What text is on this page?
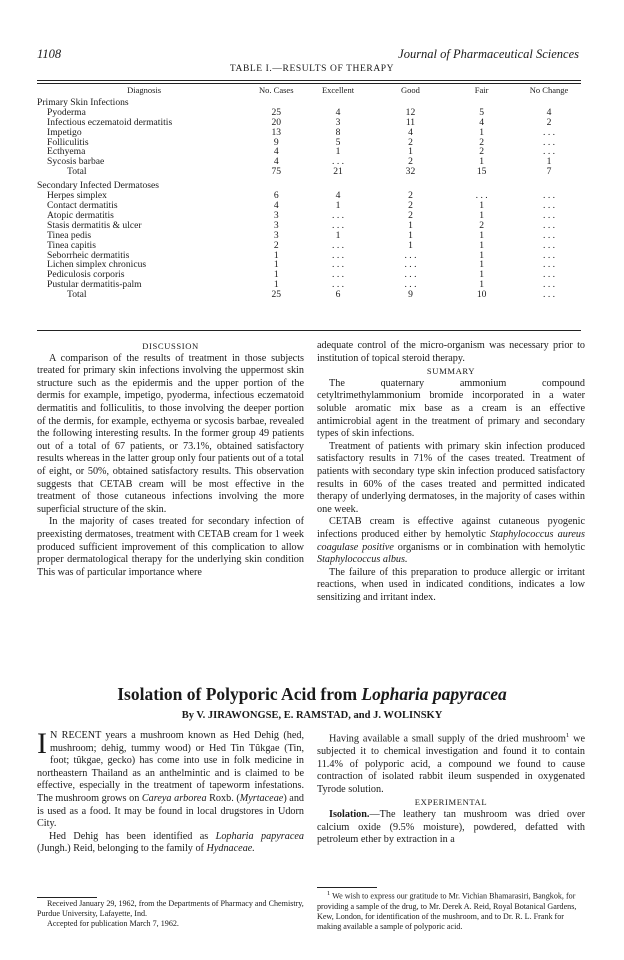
1108	Journal of Pharmaceutical Sciences
TABLE I.—RESULTS OF THERAPY
Diagnosis	No. Cases	Excellent	Good	Fair	No Change
Primary Skin Infections					
Pyoderma	25	4	12	5	4
Infectious eczematoid dermatitis	20	3	11	4	2
Impetigo	13	8	4	1	. . .
Folliculitis	9	5	2	2	. . .
Ecthyema	4	1	1	2	. . .
Sycosis barbae	4	. . .	2	1	1
Total	75	21	32	15	7
Secondary Infected Dermatoses					
Herpes simplex	6	4	2	. . .	. . .
Contact dermatitis	4	1	2	1	. . .
Atopic dermatitis	3	. . .	2	1	. . .
Stasis dermatitis & ulcer	3	. . .	1	2	. . .
Tinea pedis	3	1	1	1	. . .
Tinea capitis	2	. . .	1	1	. . .
Seborrheic dermatitis	1	. . .	. . .	1	. . .
Lichen simplex chronicus	1	. . .	. . .	1	. . .
Pediculosis corporis	1	. . .	. . .	1	. . .
Pustular dermatitis-palm	1	. . .	. . .	1	. . .
Total	25	6	9	10	. . .

DISCUSSION

A comparison of the results of treatment in those subjects treated for primary skin infections involving the uppermost skin structure such as the epidermis and the upper portion of the dermis for example, impetigo, pyoderma, infectious eczematoid dermatitis and folliculitis, to those involving the deeper portion of the dermis, for example, ecthyema or sycosis barbae, revealed the following interesting results. In the former group 49 patients out of a total of 67 patients, or 73.1%, obtained satisfactory results whereas in the latter group only four patients out of a total of eight, or 50%, obtained satisfactory results. This observation suggests that CETAB cream will be most effective in the treatment of those cutaneous infections involving the more superficial structure of the skin.

In the majority of cases treated for secondary infection of preexisting dermatoses, treatment with CETAB cream for 1 week produced sufficient improvement of this complication to allow proper dermatological therapy for the underlying skin condition This was of particular importance where

adequate control of the micro-organism was necessary prior to institution of topical steroid therapy.

SUMMARY

The quaternary ammonium compound cetyltrimethylammonium bromide incorporated in a water soluble aromatic mix base as a cream is an effective antimicrobial agent in the treatment of primary and secondary types of skin infections.

Treatment of patients with primary skin infection produced satisfactory results in 71% of the cases treated. Treatment of patients with secondary type skin infection produced satisfactory results in 60% of the cases treated and permitted indicated therapy of underlying dermatoses, in the majority of cases within one week.

CETAB cream is effective against cutaneous pyogenic infections produced either by hemolytic Staphylococcus aureus coagulase positive organisms or in combination with hemolytic Staphylococcus albus.

The failure of this preparation to produce allergic or irritant reactions, when used in indicated conditions, indicates a low sensitizing and irritant index.

Isolation of Polyporic Acid from Lopharia papyracea
By V. JIRAWONGSE, E. RAMSTAD, and J. WOLINSKY

I N RECENT years a mushroom known as Hed Dehig (hed, mushroom; dehig, tummy wood) or Hed Tin Tûkgae (Tin, foot; tûkgae, gecko) has come into use in folk medicine in northeastern Thailand as an anthelmintic and is claimed to be effective, especially in the treatment of tapeworm infestations. The mushroom grows on Careya arborea Roxb. (Myrtaceae) and is used as a food. It may be found in local drugstores in Udorn City.

Hed Dehig has been identified as Lopharia papyracea (Jungh.) Reid, belonging to the family of Hydnaceae.

Received January 29, 1962, from the Departments of Pharmacy and Chemistry, Purdue University, Lafayette, Ind.

Accepted for publication March 7, 1962.

Having available a small supply of the dried mushroom$^1$ we subjected it to chemical investigation and found it to contain 11.4% of polyporic acid, a compound we found to cause contraction of isolated rabbit ileum suspended in oxygenated Tyrode solution.

EXPERIMENTAL

Isolation.—The leathery tan mushroom was dried over calcium oxide (9.5% moisture), powdered, defatted with petroleum ether by extraction in a

$^1$ We wish to express our gratitude to Mr. Vichian Bhamarasiri, Bangkok, for providing a sample of the drug, to Mr. Derek A. Reid, Royal Botanical Gardens, Kew, London, for identification of the mushroom, and to Dr. R. L. Frank for making available a sample of polyporic acid.
